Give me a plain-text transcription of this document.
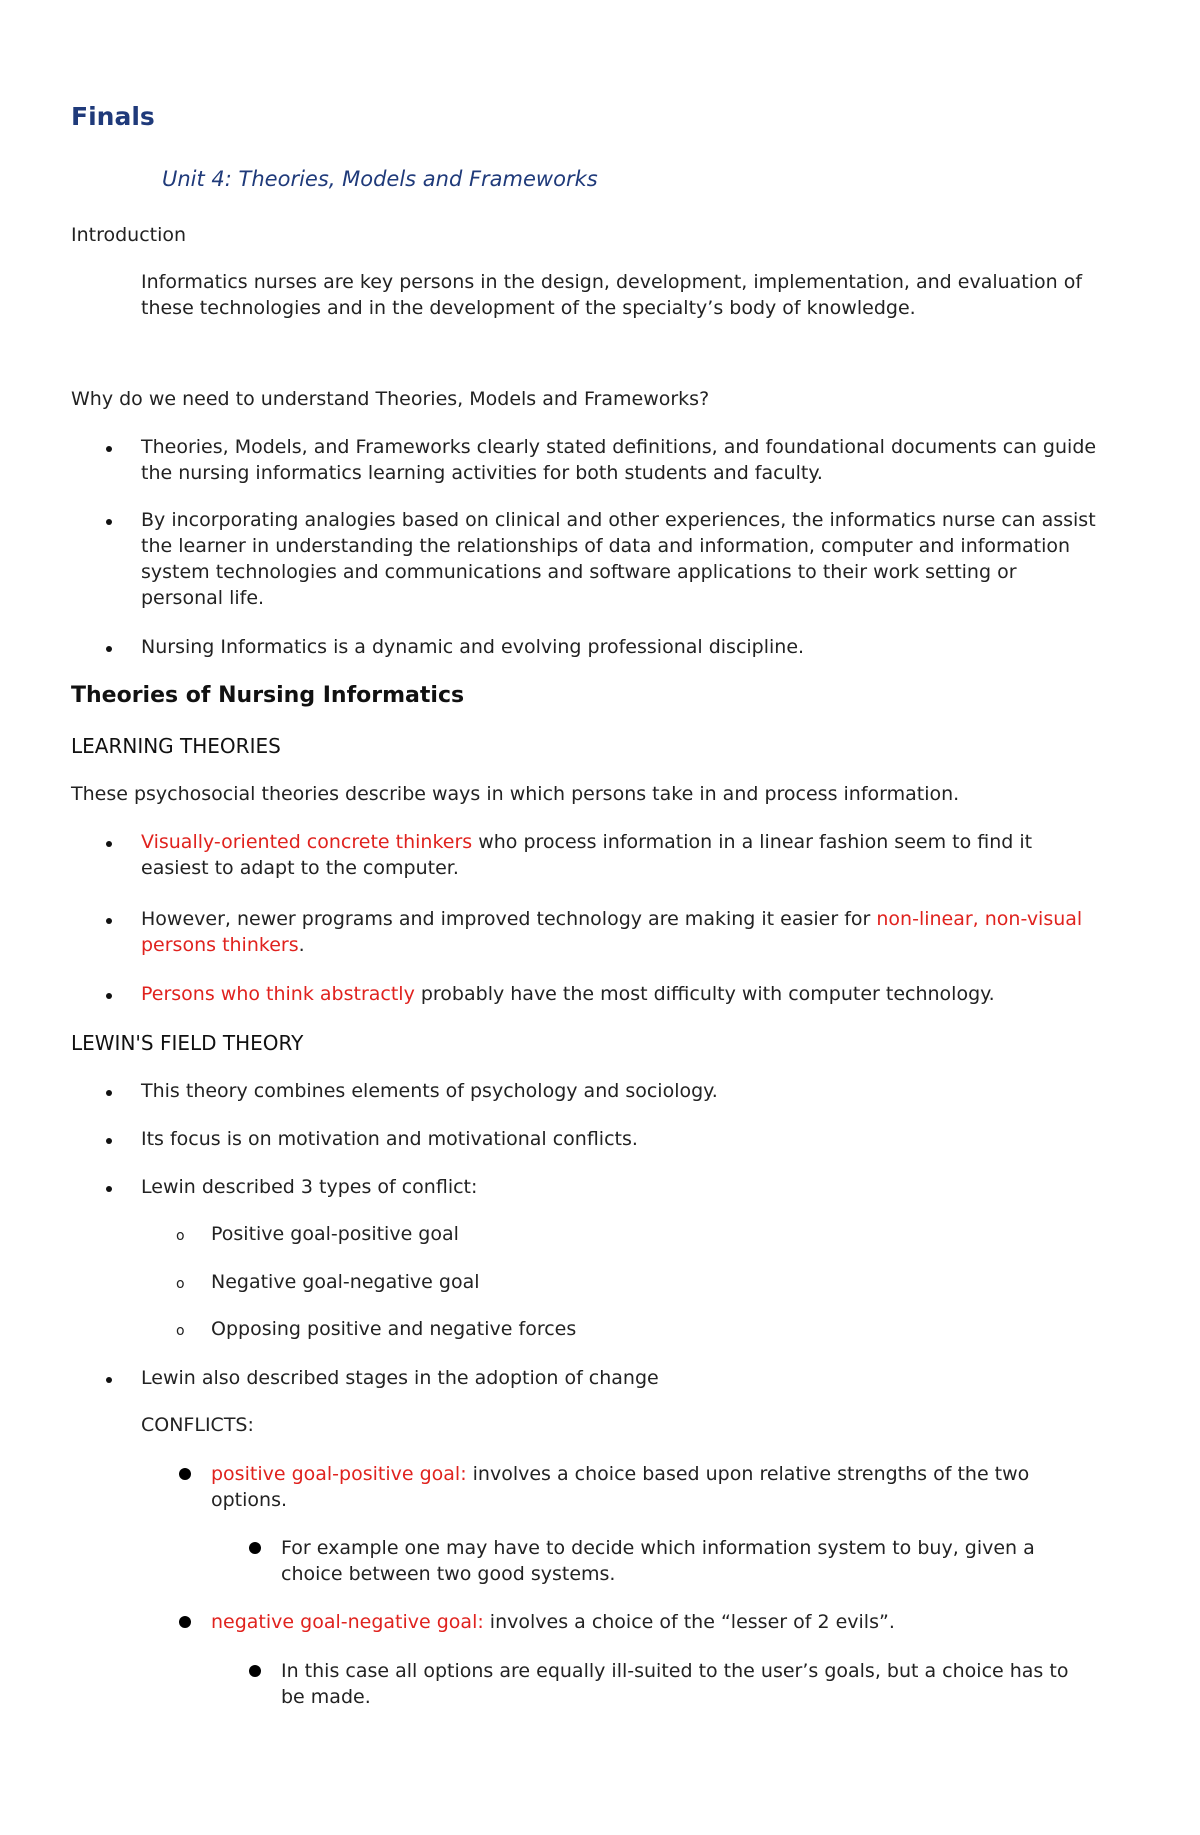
Finals
Unit 4: Theories, Models and Frameworks
Introduction
Informatics nurses are key persons in the design, development, implementation, and evaluation of
these technologies and in the development of the specialty’s body of knowledge.
Why do we need to understand Theories, Models and Frameworks?
Theories, Models, and Frameworks clearly stated definitions, and foundational documents can guide
the nursing informatics learning activities for both students and faculty.
By incorporating analogies based on clinical and other experiences, the informatics nurse can assist
the learner in understanding the relationships of data and information, computer and information
system technologies and communications and software applications to their work setting or
personal life.
Nursing Informatics is a dynamic and evolving professional discipline.
Theories of Nursing Informatics
LEARNING THEORIES
These psychosocial theories describe ways in which persons take in and process information.
Visually-oriented concrete thinkers who process information in a linear fashion seem to find it
easiest to adapt to the computer.
However, newer programs and improved technology are making it easier for non-linear, non-visual
persons thinkers.
Persons who think abstractly probably have the most difficulty with computer technology.
LEWIN'S FIELD THEORY
This theory combines elements of psychology and sociology.
Its focus is on motivation and motivational conflicts.
Lewin described 3 types of conflict:
o Positive goal-positive goal
o Negative goal-negative goal
o Opposing positive and negative forces
Lewin also described stages in the adoption of change
CONFLICTS:
positive goal-positive goal: involves a choice based upon relative strengths of the two
options.
For example one may have to decide which information system to buy, given a
choice between two good systems.
negative goal-negative goal: involves a choice of the “lesser of 2 evils”.
In this case all options are equally ill-suited to the user’s goals, but a choice has to
be made.
